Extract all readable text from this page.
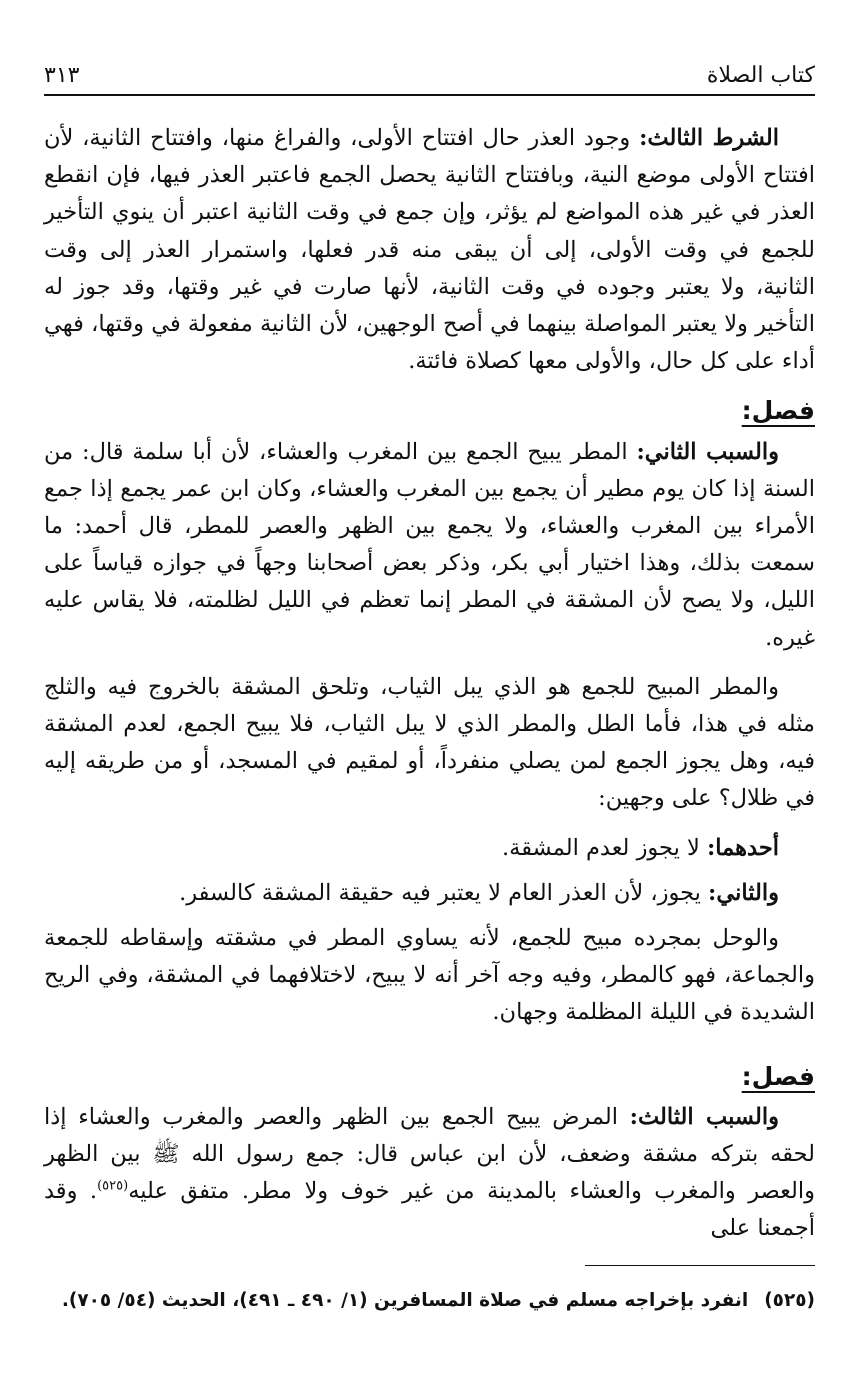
كتاب الصلاة
٣١٣

الشرط الثالث: وجود العذر حال افتتاح الأولى، والفراغ منها، وافتتاح الثانية، لأن افتتاح الأولى موضع النية، وبافتتاح الثانية يحصل الجمع فاعتبر العذر فيها، فإن انقطع العذر في غير هذه المواضع لم يؤثر، وإن جمع في وقت الثانية اعتبر أن ينوي التأخير للجمع في وقت الأولى، إلى أن يبقى منه قدر فعلها، واستمرار العذر إلى وقت الثانية، ولا يعتبر وجوده في وقت الثانية، لأنها صارت في غير وقتها، وقد جوز له التأخير ولا يعتبر المواصلة بينهما في أصح الوجهين، لأن الثانية مفعولة في وقتها، فهي أداء على كل حال، والأولى معها كصلاة فائتة.

فصل:

والسبب الثاني: المطر يبيح الجمع بين المغرب والعشاء، لأن أبا سلمة قال: من السنة إذا كان يوم مطير أن يجمع بين المغرب والعشاء، وكان ابن عمر يجمع إذا جمع الأمراء بين المغرب والعشاء، ولا يجمع بين الظهر والعصر للمطر، قال أحمد: ما سمعت بذلك، وهذا اختيار أبي بكر، وذكر بعض أصحابنا وجهاً في جوازه قياساً على الليل، ولا يصح لأن المشقة في المطر إنما تعظم في الليل لظلمته، فلا يقاس عليه غيره.

والمطر المبيح للجمع هو الذي يبل الثياب، وتلحق المشقة بالخروج فيه والثلج مثله في هذا، فأما الطل والمطر الذي لا يبل الثياب، فلا يبيح الجمع، لعدم المشقة فيه، وهل يجوز الجمع لمن يصلي منفرداً، أو لمقيم في المسجد، أو من طريقه إليه في ظلال؟ على وجهين:

أحدهما: لا يجوز لعدم المشقة.

والثاني: يجوز، لأن العذر العام لا يعتبر فيه حقيقة المشقة كالسفر.

والوحل بمجرده مبيح للجمع، لأنه يساوي المطر في مشقته وإسقاطه للجمعة والجماعة، فهو كالمطر، وفيه وجه آخر أنه لا يبيح، لاختلافهما في المشقة، وفي الريح الشديدة في الليلة المظلمة وجهان.

فصل:

والسبب الثالث: المرض يبيح الجمع بين الظهر والعصر والمغرب والعشاء إذا لحقه بتركه مشقة وضعف، لأن ابن عباس قال: جمع رسول الله ﷺ بين الظهر والعصر والمغرب والعشاء بالمدينة من غير خوف ولا مطر. متفق عليه$^{(٥٢٥)}$. وقد أجمعنا على

(٥٢٥)انفرد بإخراجه مسلم في صلاة المسافرين (١/ ٤٩٠ ـ ٤٩١)، الحديث (٥٤/ ٧٠٥).
